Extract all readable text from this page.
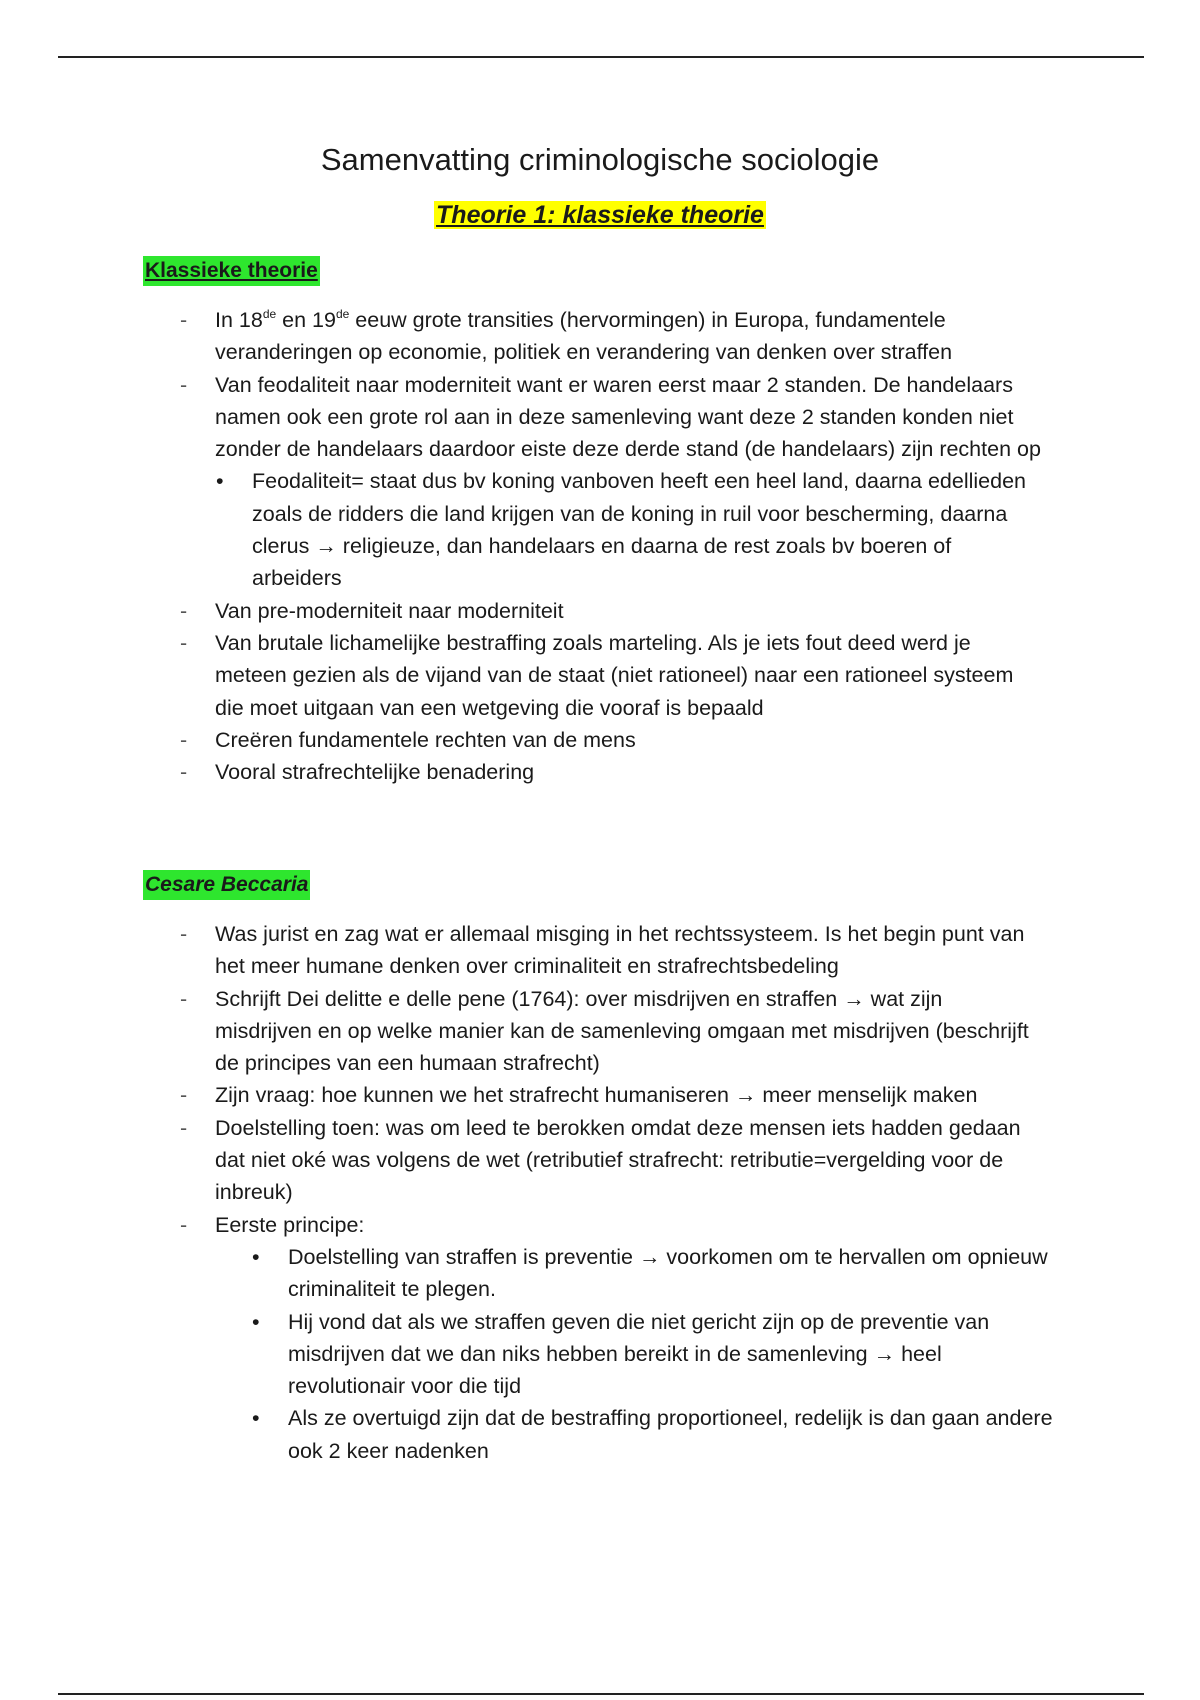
Samenvatting criminologische sociologie
Theorie 1: klassieke theorie
Klassieke theorie
- In 18de en 19de eeuw grote transities (hervormingen) in Europa, fundamentele veranderingen op economie, politiek en verandering van denken over straffen
- Van feodaliteit naar moderniteit want er waren eerst maar 2 standen. De handelaars namen ook een grote rol aan in deze samenleving want deze 2 standen konden niet zonder de handelaars daardoor eiste deze derde stand (de handelaars) zijn rechten op
• Feodaliteit= staat dus bv koning vanboven heeft een heel land, daarna edellieden zoals de ridders die land krijgen van de koning in ruil voor bescherming, daarna clerus → religieuze, dan handelaars en daarna de rest zoals bv boeren of arbeiders
- Van pre-moderniteit naar moderniteit
- Van brutale lichamelijke bestraffing zoals marteling. Als je iets fout deed werd je meteen gezien als de vijand van de staat (niet rationeel) naar een rationeel systeem die moet uitgaan van een wetgeving die vooraf is bepaald
- Creëren fundamentele rechten van de mens
- Vooral strafrechtelijke benadering
Cesare Beccaria
- Was jurist en zag wat er allemaal misging in het rechtssysteem. Is het begin punt van het meer humane denken over criminaliteit en strafrechtsbedeling
- Schrijft Dei delitte e delle pene (1764): over misdrijven en straffen → wat zijn misdrijven en op welke manier kan de samenleving omgaan met misdrijven (beschrijft de principes van een humaan strafrecht)
- Zijn vraag: hoe kunnen we het strafrecht humaniseren → meer menselijk maken
- Doelstelling toen: was om leed te berokken omdat deze mensen iets hadden gedaan dat niet oké was volgens de wet (retributief strafrecht: retributie=vergelding voor de inbreuk)
- Eerste principe:
• Doelstelling van straffen is preventie → voorkomen om te hervallen om opnieuw criminaliteit te plegen.
• Hij vond dat als we straffen geven die niet gericht zijn op de preventie van misdrijven dat we dan niks hebben bereikt in de samenleving → heel revolutionair voor die tijd
• Als ze overtuigd zijn dat de bestraffing proportioneel, redelijk is dan gaan andere ook 2 keer nadenken
